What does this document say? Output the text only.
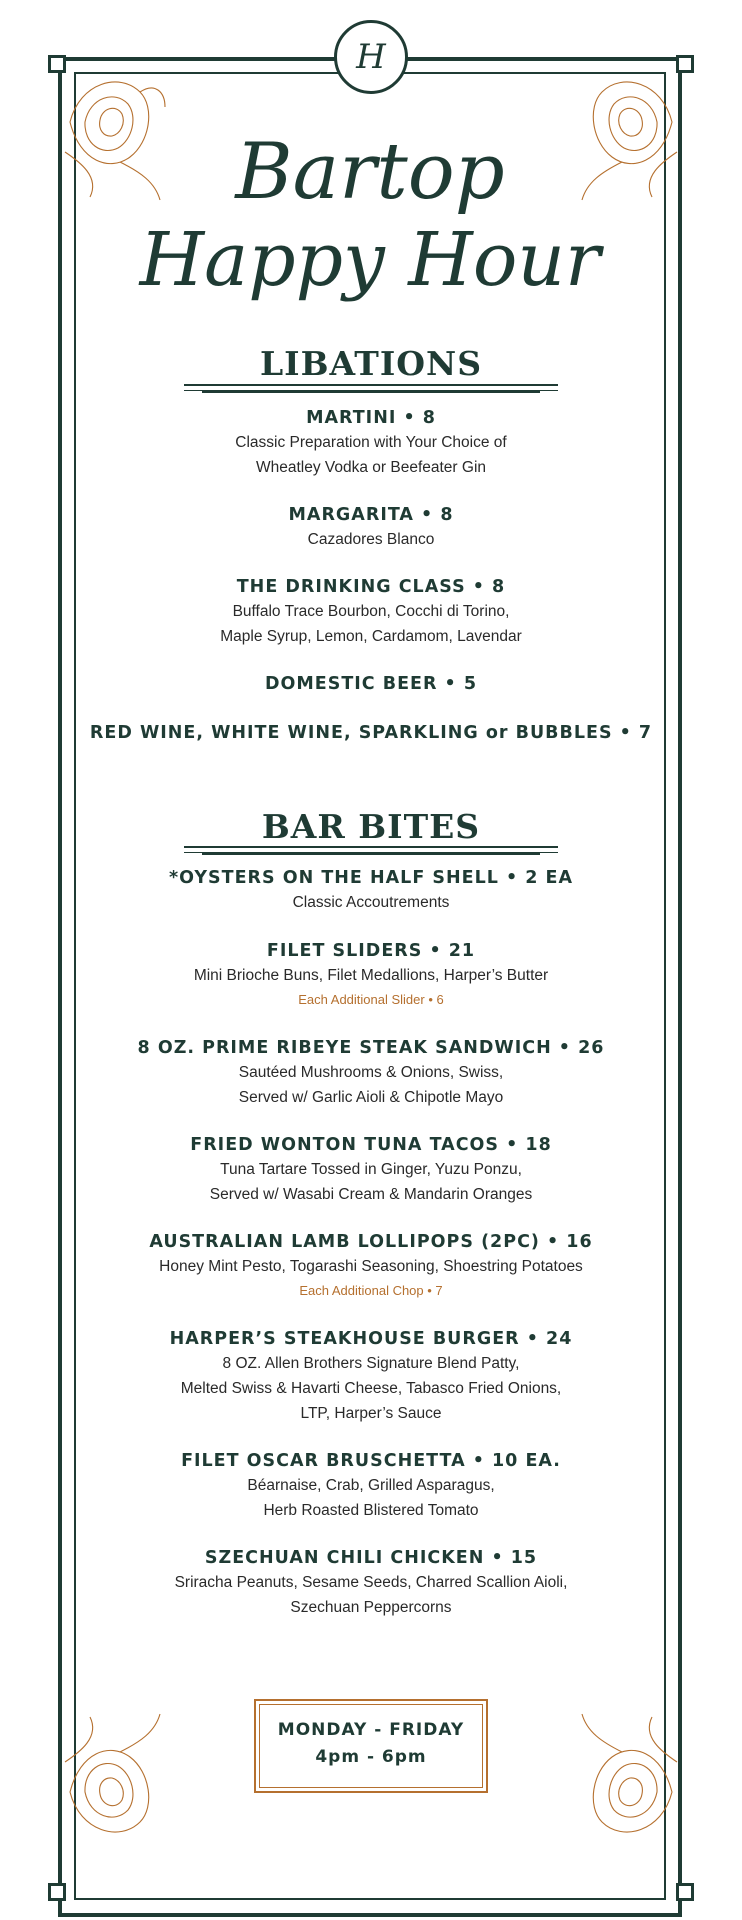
H
Bartop
Happy Hour
LIBATIONS
MARTINI • 8
Classic Preparation with Your Choice of
Wheatley Vodka or Beefeater Gin
MARGARITA • 8
Cazadores Blanco
THE DRINKING CLASS • 8
Buffalo Trace Bourbon, Cocchi di Torino,
Maple Syrup, Lemon, Cardamom, Lavendar
DOMESTIC BEER • 5
RED WINE, WHITE WINE, SPARKLING or BUBBLES • 7
BAR BITES
*OYSTERS ON THE HALF SHELL • 2 EA
Classic Accoutrements
FILET SLIDERS • 21
Mini Brioche Buns, Filet Medallions, Harper’s Butter
Each Additional Slider • 6
8 OZ. PRIME RIBEYE STEAK SANDWICH • 26
Sautéed Mushrooms & Onions, Swiss,
Served w/ Garlic Aioli & Chipotle Mayo
FRIED WONTON TUNA TACOS • 18
Tuna Tartare Tossed in Ginger, Yuzu Ponzu,
Served w/ Wasabi Cream & Mandarin Oranges
AUSTRALIAN LAMB LOLLIPOPS (2PC) • 16
Honey Mint Pesto, Togarashi Seasoning, Shoestring Potatoes
Each Additional Chop • 7
HARPER’S STEAKHOUSE BURGER • 24
8 OZ. Allen Brothers Signature Blend Patty,
Melted Swiss & Havarti Cheese, Tabasco Fried Onions,
LTP, Harper’s Sauce
FILET OSCAR BRUSCHETTA • 10 EA.
Béarnaise, Crab, Grilled Asparagus,
Herb Roasted Blistered Tomato
SZECHUAN CHILI CHICKEN • 15
Sriracha Peanuts, Sesame Seeds, Charred Scallion Aioli,
Szechuan Peppercorns
MONDAY - FRIDAY
4pm - 6pm
